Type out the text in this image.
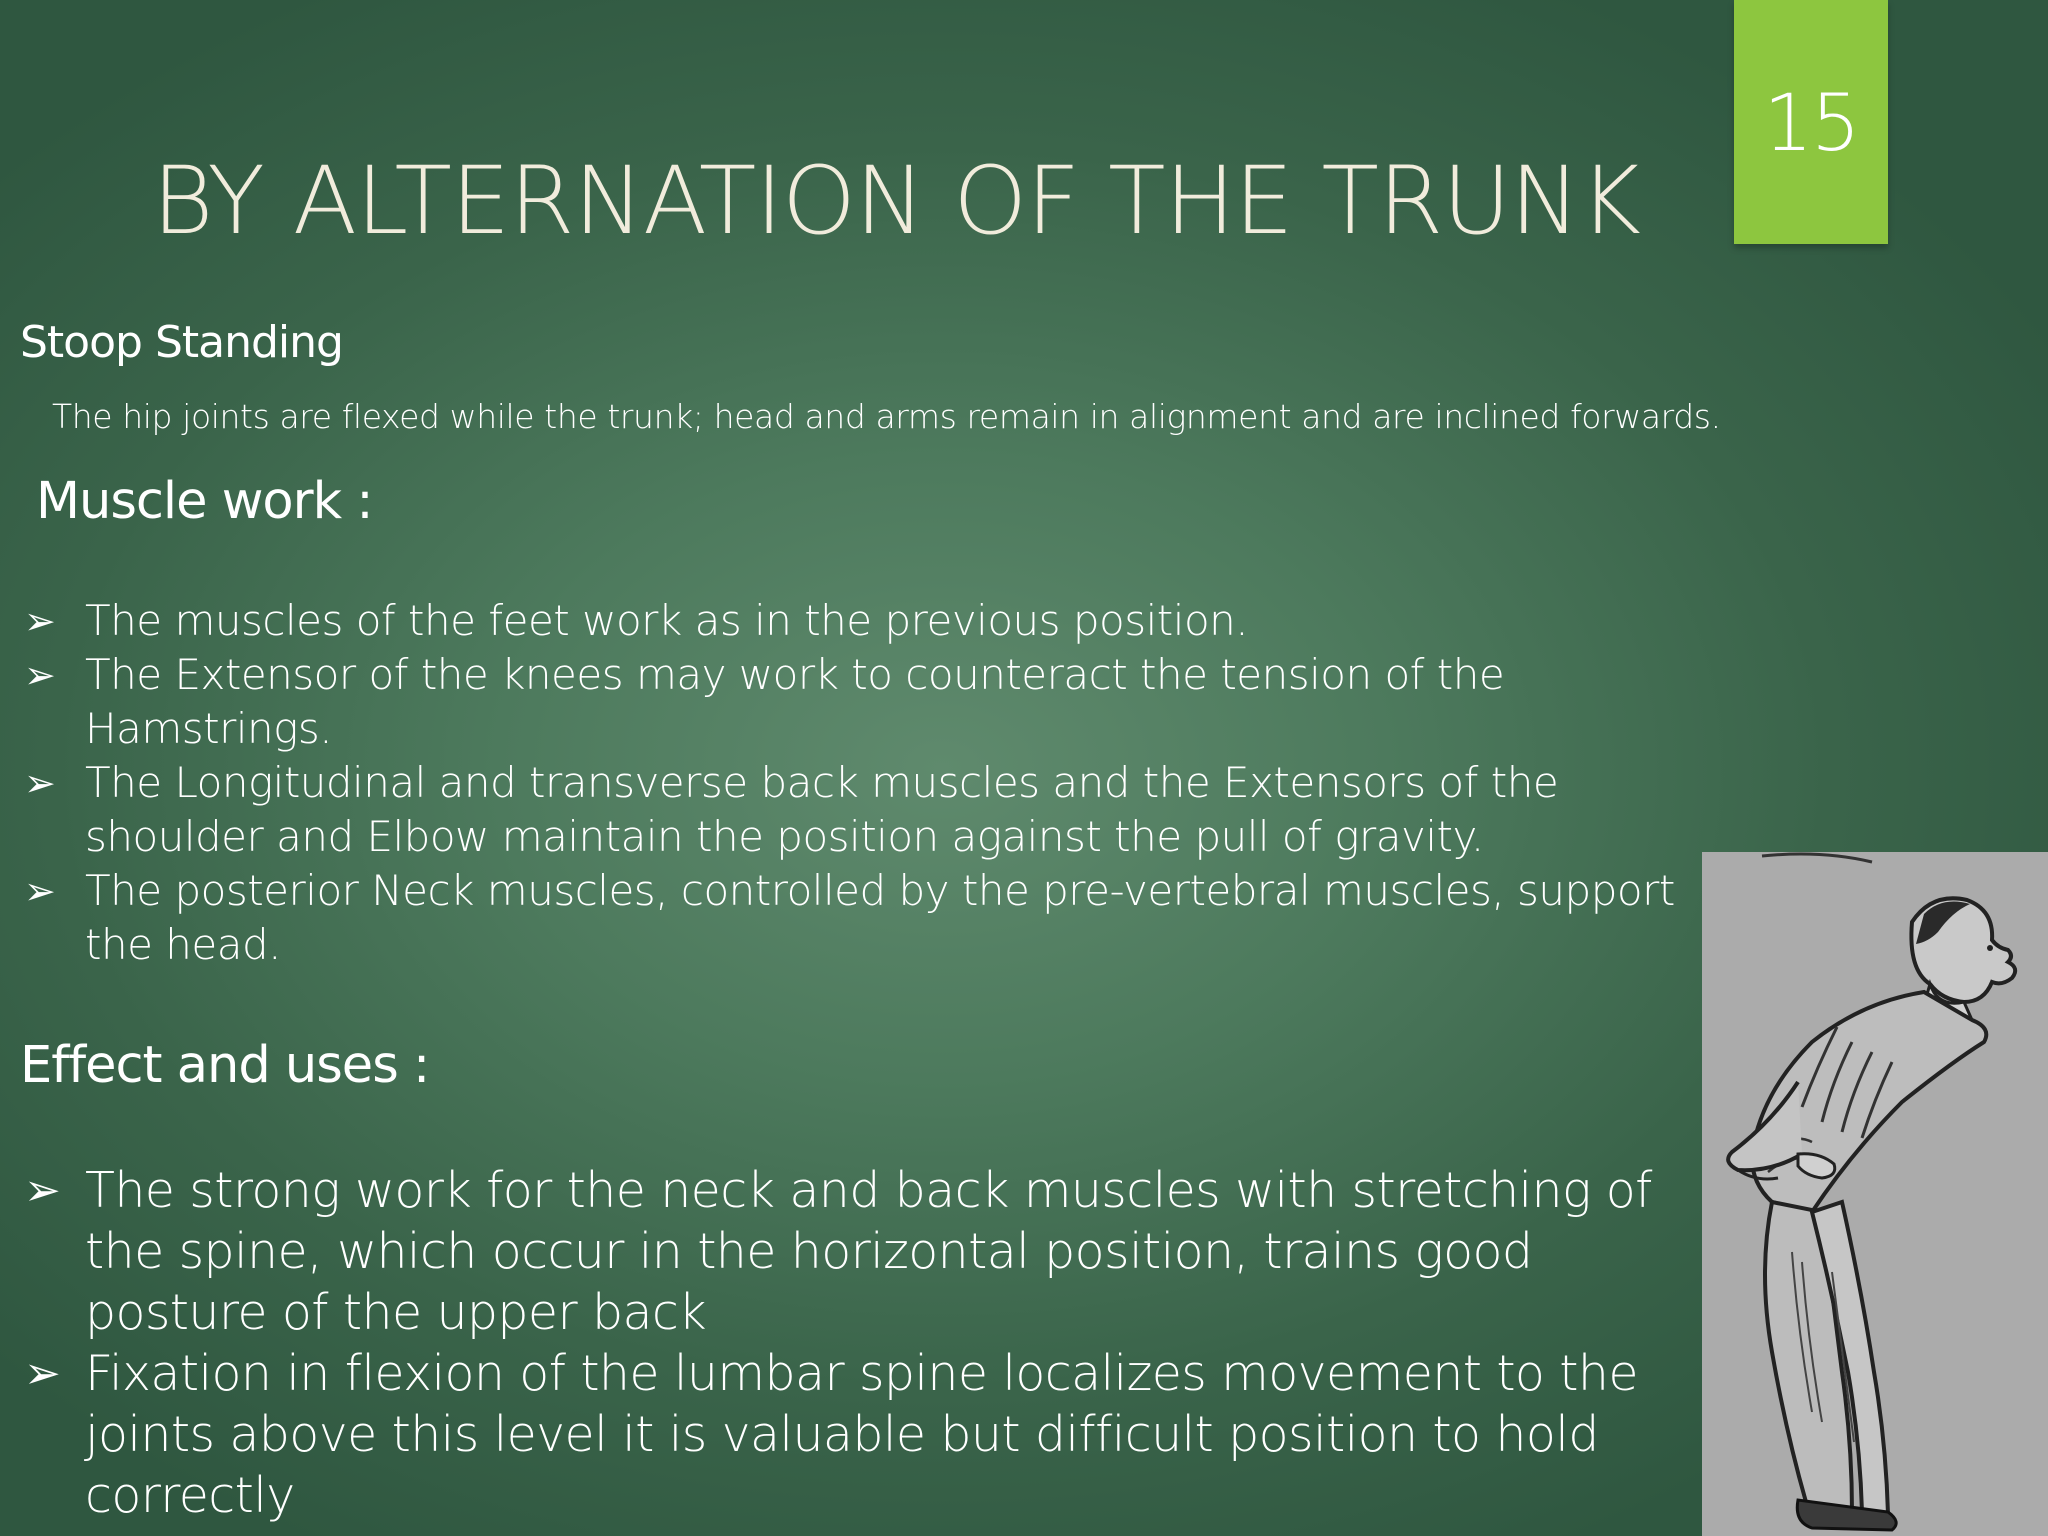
15
BY ALTERNATION OF THE TRUNK
Stoop Standing
The hip joints are flexed while the trunk; head and arms remain in alignment and are inclined forwards.
Muscle work :
➢ The muscles of the feet work as in the previous position.
➢ The Extensor of the knees may work to counteract the tension of the Hamstrings.
➢ The Longitudinal and transverse back muscles and the Extensors of the shoulder and Elbow maintain the position against the pull of gravity.
➢ The posterior Neck muscles, controlled by the pre-vertebral muscles, support the head.
Effect and uses :
➢ The strong work for the neck and back muscles with stretching of the spine, which occur in the horizontal position, trains good posture of the upper back
➢ Fixation in flexion of the lumbar spine localizes movement to the joints above this level it is valuable but difficult position to hold correctly
